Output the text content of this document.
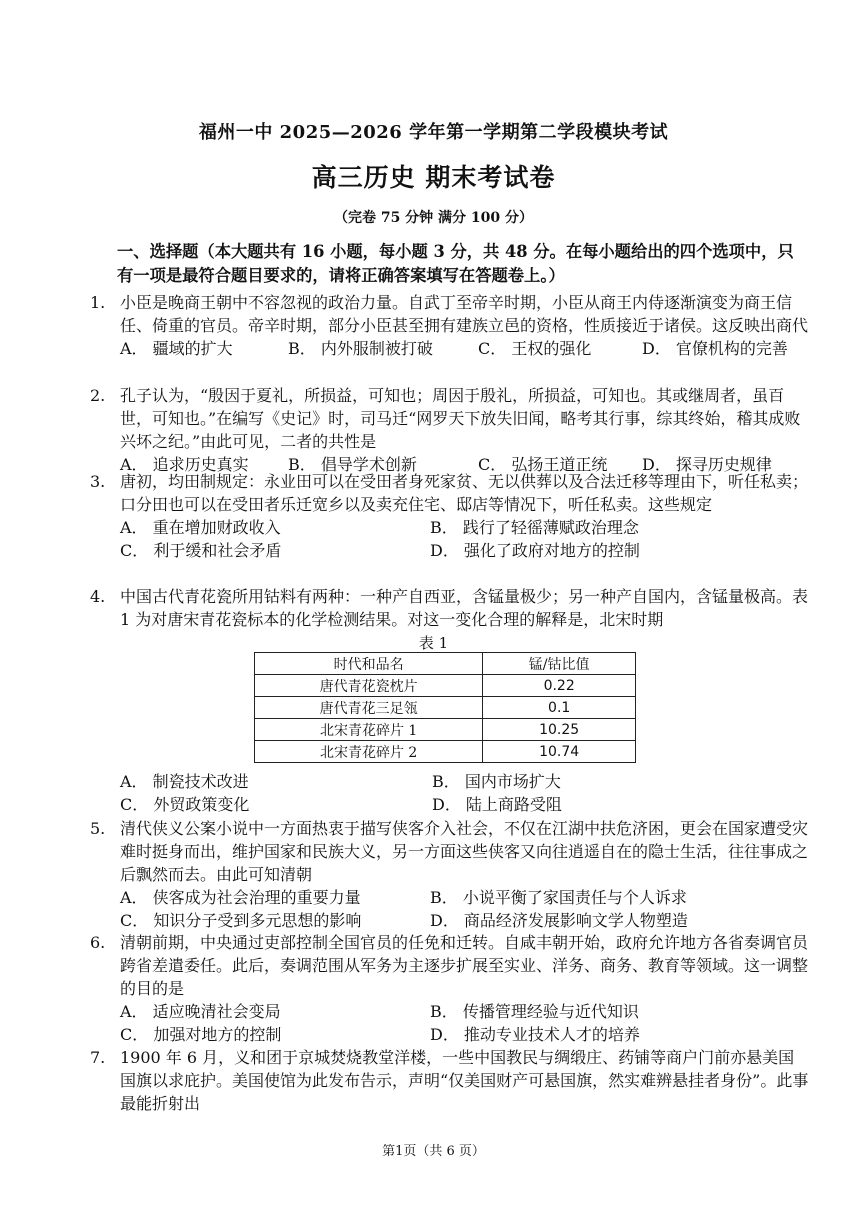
福州一中 2025—2026 学年第一学期第二学段模块考试
高三历史 期末考试卷
（完卷 75 分钟 满分 100 分）
一、选择题（本大题共有 16 小题，每小题 3 分，共 48 分。在每小题给出的四个选项中，只有一项是最符合题目要求的，请将正确答案填写在答题卷上。）
1. 小臣是晚商王朝中不容忽视的政治力量。自武丁至帝辛时期，小臣从商王内侍逐渐演变为商王信任、倚重的官员。帝辛时期，部分小臣甚至拥有建族立邑的资格，性质接近于诸侯。这反映出商代
A． 疆域的扩大	B． 内外服制被打破	C． 王权的强化	D． 官僚机构的完善
2. 孔子认为，“殷因于夏礼，所损益，可知也；周因于殷礼，所损益，可知也。其或继周者，虽百世，可知也。”在编写《史记》时，司马迁“网罗天下放失旧闻，略考其行事，综其终始，稽其成败兴坏之纪。”由此可见，二者的共性是
A． 追求历史真实	B． 倡导学术创新	C． 弘扬王道正统	D． 探寻历史规律
3. 唐初，均田制规定：永业田可以在受田者身死家贫、无以供葬以及合法迁移等理由下，听任私卖；口分田也可以在受田者乐迁宽乡以及卖充住宅、邸店等情况下，听任私卖。这些规定
A． 重在增加财政收入	B． 践行了轻徭薄赋政治理念
C． 利于缓和社会矛盾	D． 强化了政府对地方的控制
4. 中国古代青花瓷所用钴料有两种：一种产自西亚，含锰量极少；另一种产自国内，含锰量极高。表 1 为对唐宋青花瓷标本的化学检测结果。对这一变化合理的解释是，北宋时期
表 1
时代和品名	锰/钴比值
唐代青花瓷枕片	0.22
唐代青花三足瓴	0.1
北宋青花碎片 1	10.25
北宋青花碎片 2	10.74
A． 制瓷技术改进	B． 国内市场扩大
C． 外贸政策变化	D． 陆上商路受阻
5. 清代侠义公案小说中一方面热衷于描写侠客介入社会，不仅在江湖中扶危济困，更会在国家遭受灾难时挺身而出，维护国家和民族大义，另一方面这些侠客又向往逍遥自在的隐士生活，往往事成之后飘然而去。由此可知清朝
A． 侠客成为社会治理的重要力量	B． 小说平衡了家国责任与个人诉求
C． 知识分子受到多元思想的影响	D． 商品经济发展影响文学人物塑造
6. 清朝前期，中央通过吏部控制全国官员的任免和迁转。自咸丰朝开始，政府允许地方各省奏调官员跨省差遣委任。此后，奏调范围从军务为主逐步扩展至实业、洋务、商务、教育等领域。这一调整的目的是
A． 适应晚清社会变局	B． 传播管理经验与近代知识
C． 加强对地方的控制	D． 推动专业技术人才的培养
7. 1900 年 6 月，义和团于京城焚烧教堂洋楼，一些中国教民与绸缎庄、药铺等商户门前亦悬美国国旗以求庇护。美国使馆为此发布告示，声明“仅美国财产可悬国旗，然实难辨悬挂者身份”。此事最能折射出
第1页（共 6 页）
